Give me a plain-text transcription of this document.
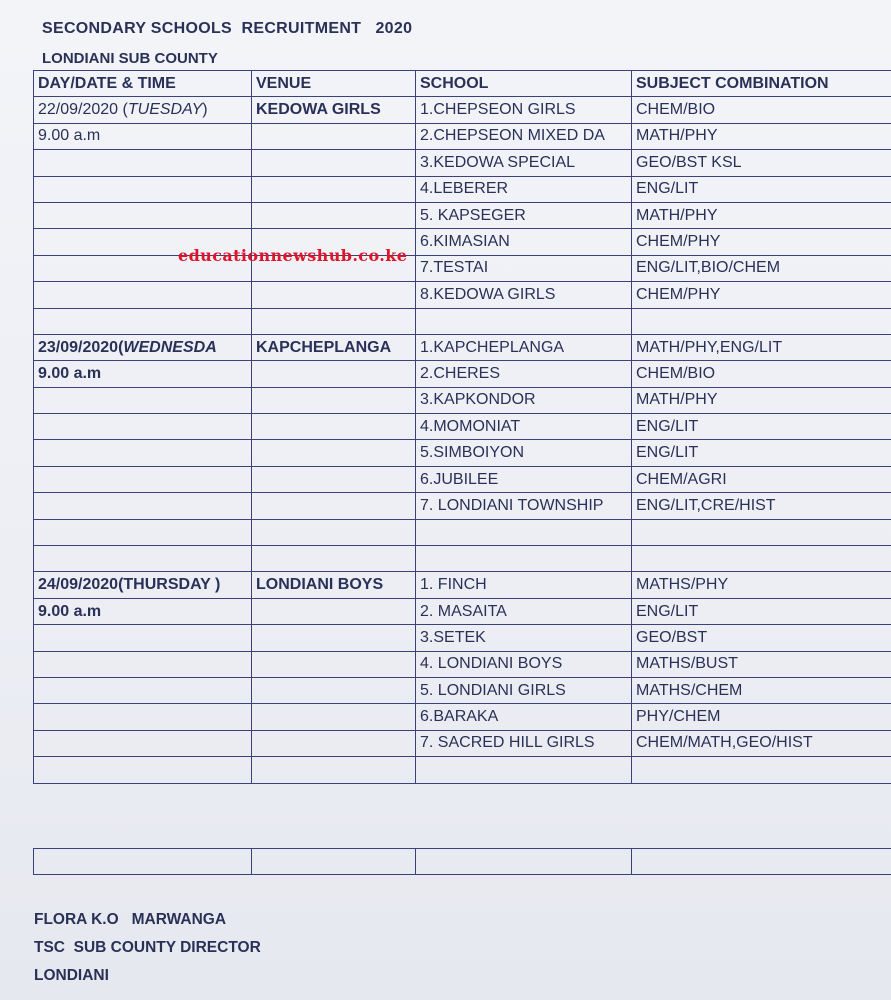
SECONDARY SCHOOLS  RECRUITMENT   2020
LONDIANI SUB COUNTY
DAY/DATE & TIME	VENUE	SCHOOL	SUBJECT COMBINATION
22/09/2020 (TUESDAY)	KEDOWA GIRLS	1.CHEPSEON GIRLS	CHEM/BIO
9.00 a.m		2.CHEPSEON MIXED DA	MATH/PHY
		3.KEDOWA SPECIAL	GEO/BST KSL
		4.LEBERER	ENG/LIT
		5. KAPSEGER	MATH/PHY
		6.KIMASIAN	CHEM/PHY
		7.TESTAI	ENG/LIT,BIO/CHEM
		8.KEDOWA GIRLS	CHEM/PHY

23/09/2020(WEDNESDA	KAPCHEPLANGA	1.KAPCHEPLANGA	MATH/PHY,ENG/LIT
9.00 a.m		2.CHERES	CHEM/BIO
		3.KAPKONDOR	MATH/PHY
		4.MOMONIAT	ENG/LIT
		5.SIMBOIYON	ENG/LIT
		6.JUBILEE	CHEM/AGRI
		7. LONDIANI TOWNSHIP	ENG/LIT,CRE/HIST

24/09/2020(THURSDAY )	LONDIANI BOYS	1. FINCH	MATHS/PHY
9.00 a.m		2. MASAITA	ENG/LIT
		3.SETEK	GEO/BST
		4. LONDIANI BOYS	MATHS/BUST
		5. LONDIANI GIRLS	MATHS/CHEM
		6.BARAKA	PHY/CHEM
		7. SACRED HILL GIRLS	CHEM/MATH,GEO/HIST

educationnewshub.co.ke

FLORA K.O   MARWANGA
TSC  SUB COUNTY DIRECTOR
LONDIANI
